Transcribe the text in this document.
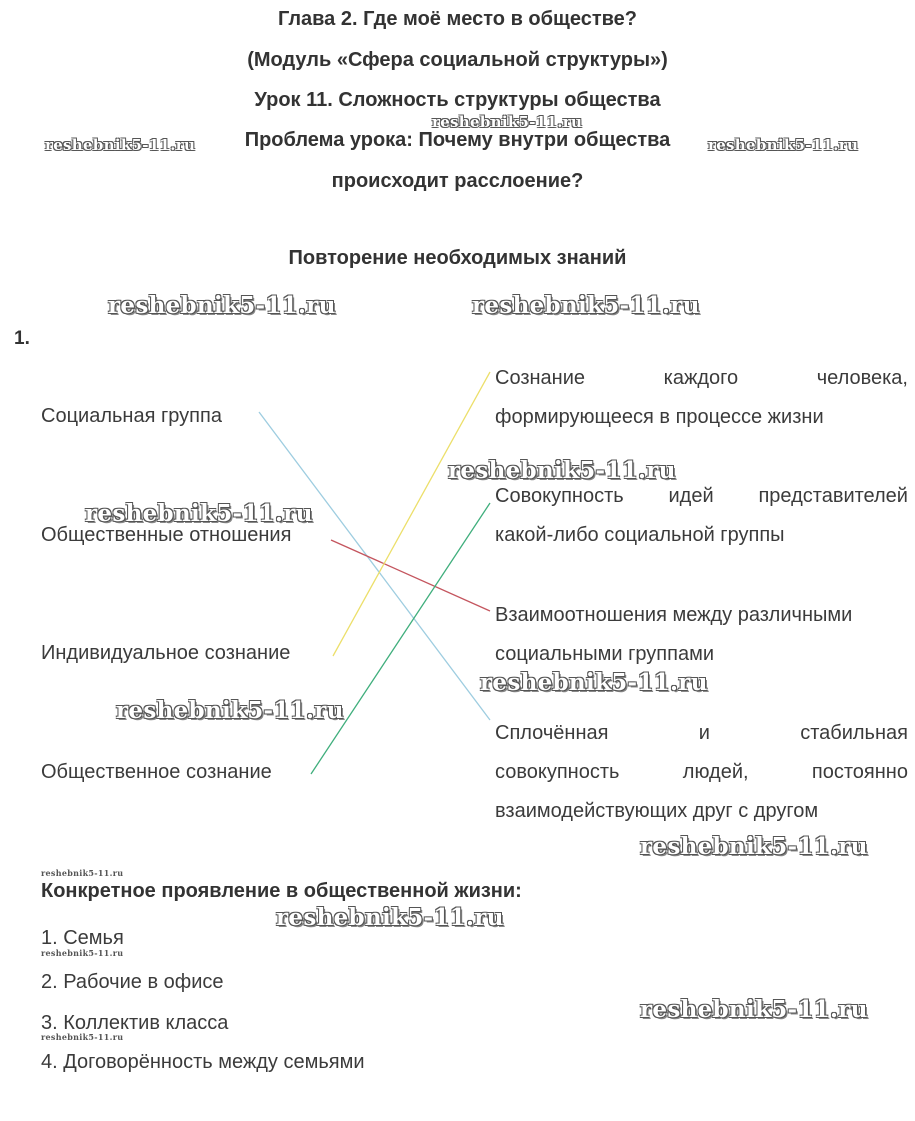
Глава 2. Где моё место в обществе?
(Модуль «Сфера социальной структуры»)
Урок 11. Сложность структуры общества
Проблема урока: Почему внутри общества
происходит расслоение?
Повторение необходимых знаний
1.
Социальная группа
Общественные отношения
Индивидуальное сознание
Общественное сознание
Сознание	каждого	человека,
формирующееся в процессе жизни
Совокупность идей представителей
какой-либо социальной группы
Взаимоотношения между различными
социальными группами
Сплочённая	и	стабильная
совокупность	людей,	постоянно
взаимодействующих друг с другом
Конкретное проявление в общественной жизни:
1. Семья
2. Рабочие в офисе
3. Коллектив класса
4. Договорённость между семьями
reshebnik5-11.ru
reshebnik5-11.ru	reshebnik5-11.ru
reshebnik5-11.ru	reshebnik5-11.ru
reshebnik5-11.ru
reshebnik5-11.ru
reshebnik5-11.ru
reshebnik5-11.ru
reshebnik5-11.ru
reshebnik5-11.ru
reshebnik5-11.ru
reshebnik5-11.ru
reshebnik5-11.ru
reshebnik5-11.ru
